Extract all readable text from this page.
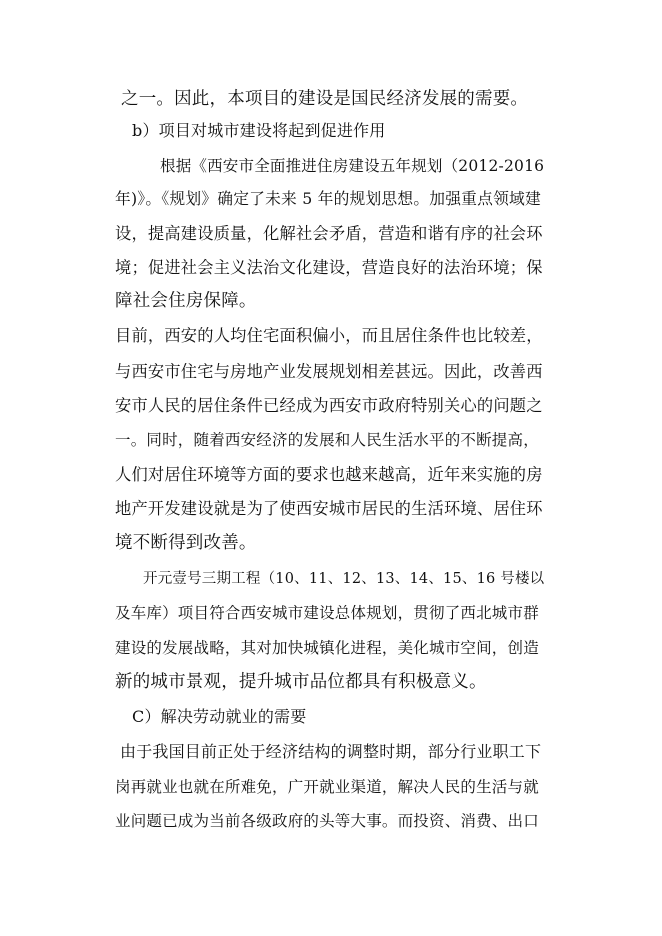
之一。因此，本项目的建设是国民经济发展的需要。
b）项目对城市建设将起到促进作用
根据《西安市全面推进住房建设五年规划（2012-2016
年)》。《规划》确定了未来 5 年的规划思想。加强重点领域建
设，提高建设质量，化解社会矛盾，营造和谐有序的社会环
境；促进社会主义法治文化建设，营造良好的法治环境；保
障社会住房保障。
目前，西安的人均住宅面积偏小，而且居住条件也比较差，
与西安市住宅与房地产业发展规划相差甚远。因此，改善西
安市人民的居住条件已经成为西安市政府特别关心的问题之
一。同时，随着西安经济的发展和人民生活水平的不断提高，
人们对居住环境等方面的要求也越来越高，近年来实施的房
地产开发建设就是为了使西安城市居民的生活环境、居住环
境不断得到改善。
开元壹号三期工程（10、11、12、13、14、15、16 号楼以
及车库）项目符合西安城市建设总体规划，贯彻了西北城市群
建设的发展战略，其对加快城镇化进程，美化城市空间，创造
新的城市景观，提升城市品位都具有积极意义。
C）解决劳动就业的需要
由于我国目前正处于经济结构的调整时期，部分行业职工下
岗再就业也就在所难免，广开就业渠道，解决人民的生活与就
业问题已成为当前各级政府的头等大事。而投资、消费、出口
